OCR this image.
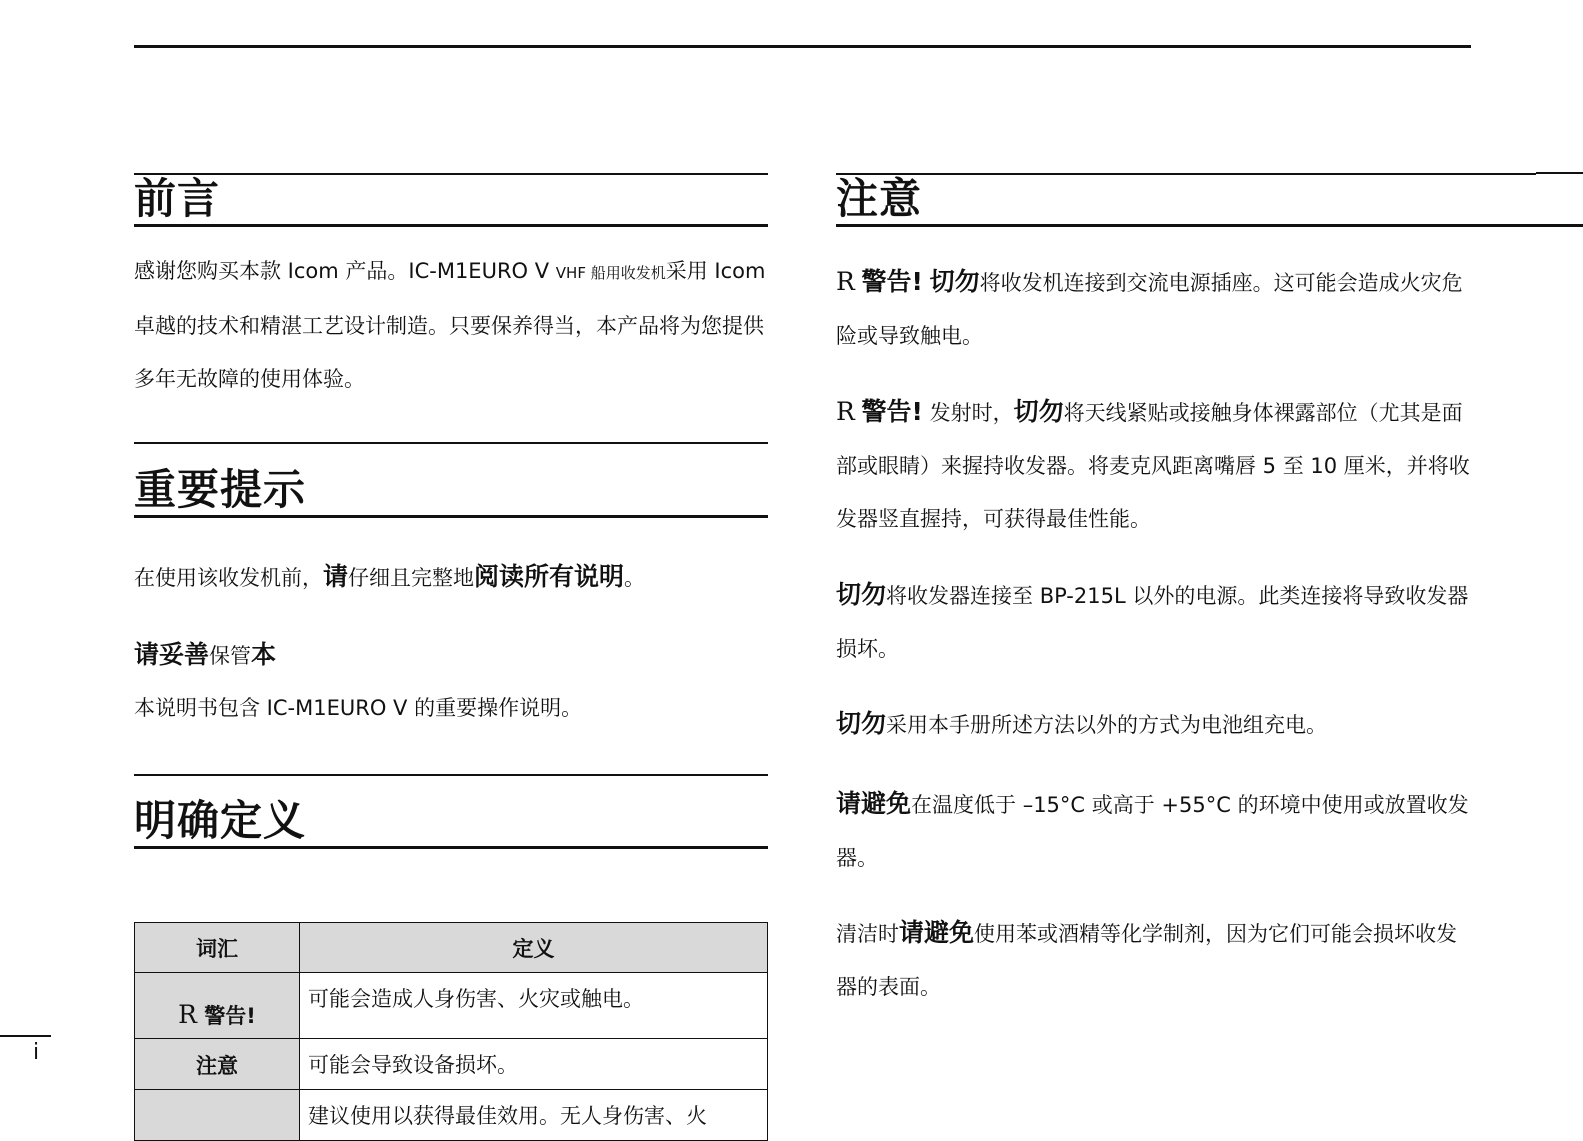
前言
感谢您购买本款 Icom 产品。IC-M1EURO V VHF 船用收发机采用 Icom 卓越的技术和精湛工艺设计制造。只要保养得当，本产品将为您提供多年无故障的使用体验。
重要提示
在使用该收发机前，请仔细且完整地阅读所有说明。
请妥善保管本
本说明书包含 IC-M1EURO V 的重要操作说明。
明确定义
词汇	定义
R 警告!	可能会造成人身伤害、火灾或触电。
注意	可能会导致设备损坏。
	建议使用以获得最佳效用。无人身伤害、火
i
注意
R 警告! 切勿将收发机连接到交流电源插座。这可能会造成火灾危险或导致触电。
R 警告! 发射时，切勿将天线紧贴或接触身体裸露部位（尤其是面部或眼睛）来握持收发器。将麦克风距离嘴唇 5 至 10 厘米，并将收发器竖直握持，可获得最佳性能。
切勿将收发器连接至 BP-215L 以外的电源。此类连接将导致收发器损坏。
切勿采用本手册所述方法以外的方式为电池组充电。
请避免在温度低于 –15°C 或高于 +55°C 的环境中使用或放置收发器。
清洁时请避免使用苯或酒精等化学制剂，因为它们可能会损坏收发器的表面。
